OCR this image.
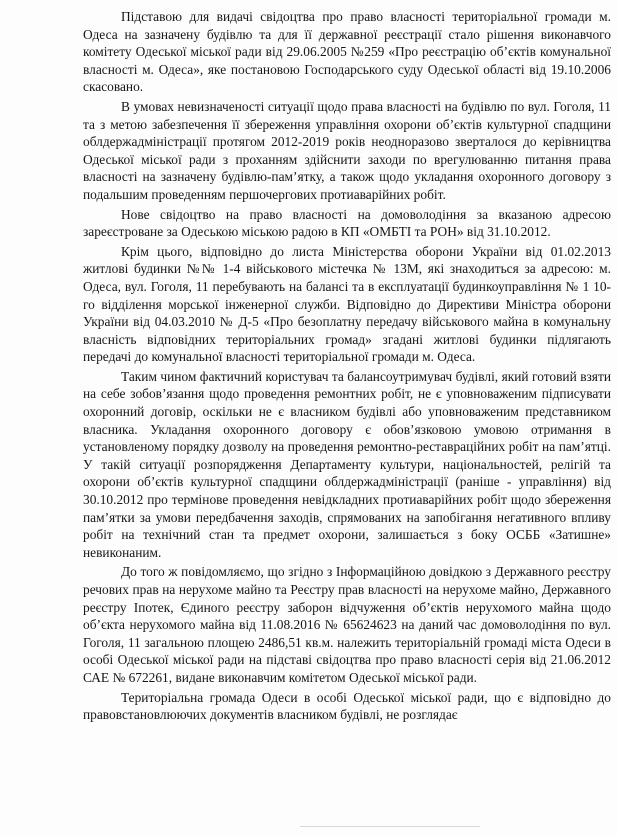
Підставою для видачі свідоцтва про право власності територіальної громади м. Одеса на зазначену будівлю та для її державної реєстрації стало рішення виконавчого комітету Одеської міської ради від 29.06.2005 №259 «Про реєстрацію об’єктів комунальної власності м. Одеса», яке постановою Господарського суду Одеської області від 19.10.2006 скасовано.

В умовах невизначеності ситуації щодо права власності на будівлю по вул. Гоголя, 11 та з метою забезпечення її збереження управління охорони об’єктів культурної спадщини облдержадміністрації протягом 2012-2019 років неодноразово зверталося до керівництва Одеської міської ради з проханням здійснити заходи по врегулюванню питання права власності на зазначену будівлю-пам’ятку, а також щодо укладання охоронного договору з подальшим проведенням першочергових протиаварійних робіт.

Нове свідоцтво на право власності на домоволодіння за вказаною адресою зареєстроване за Одеською міською радою в КП «ОМБТІ та РОН» від 31.10.2012.

Крім цього, відповідно до листа Міністерства оборони України від 01.02.2013 житлові будинки №№ 1-4 військового містечка № 13М, які знаходиться за адресою: м. Одеса, вул. Гоголя, 11 перебувають на балансі та в експлуатації будинкоуправління № 1 10-го відділення морської інженерної служби. Відповідно до Директиви Міністра оборони України від 04.03.2010 № Д-5 «Про безоплатну передачу військового майна в комунальну власність відповідних територіальних громад» згадані житлові будинки підлягають передачі до комунальної власності територіальної громади м. Одеса.

Таким чином фактичний користувач та балансоутримувач будівлі, який готовий взяти на себе зобов’язання щодо проведення ремонтних робіт, не є уповноваженим підписувати охоронний договір, оскільки не є власником будівлі або уповноваженим представником власника. Укладання охоронного договору є обов’язковою умовою отримання в установленому порядку дозволу на проведення ремонтно-реставраційних робіт на пам’ятці. У такій ситуації розпорядження Департаменту культури, національностей, релігій та охорони об’єктів культурної спадщини облдержадміністрації (раніше - управління) від 30.10.2012 про термінове проведення невідкладних протиаварійних робіт щодо збереження пам’ятки за умови передбачення заходів, спрямованих на запобігання негативного впливу робіт на технічний стан та предмет охорони, залишається з боку ОСББ «Затишне» невиконаним.

До того ж повідомляємо, що згідно з Інформаційною довідкою з Державного реєстру речових прав на нерухоме майно та Реєстру прав власності на нерухоме майно, Державного реєстру Іпотек, Єдиного реєстру заборон відчуження об’єктів нерухомого майна щодо об’єкта нерухомого майна від 11.08.2016 № 65624623 на даний час домоволодіння по вул. Гоголя, 11 загальною площею 2486,51 кв.м. належить територіальній громаді міста Одеси в особі Одеської міської ради на підставі свідоцтва про право власності серія від 21.06.2012 САЕ № 672261, видане виконавчим комітетом Одеської міської ради.

Територіальна громада Одеси в особі Одеської міської ради, що є відповідно до правовстановлюючих документів власником будівлі, не розглядає
